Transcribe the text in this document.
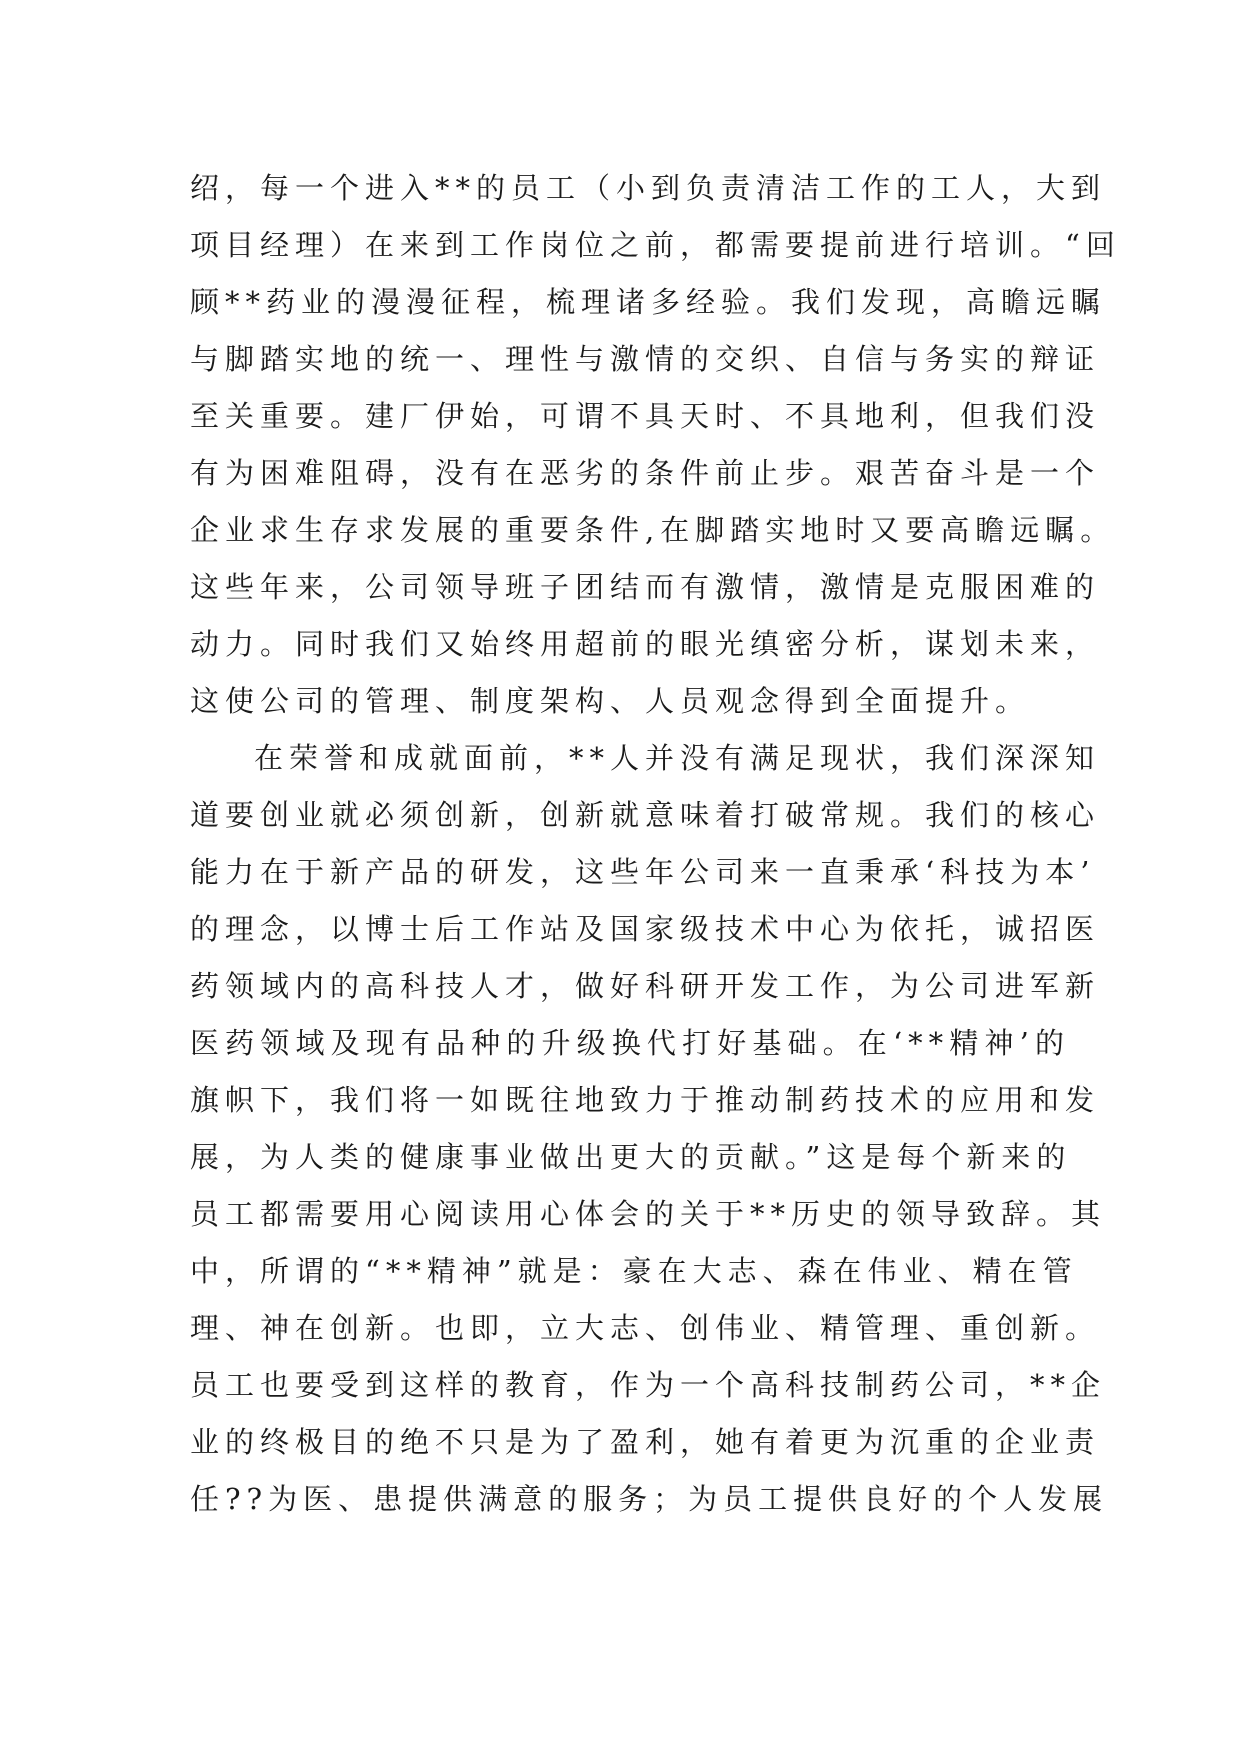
绍，每一个进入**的员工（小到负责清洁工作的工人，大到
项目经理）在来到工作岗位之前，都需要提前进行培训。“回
顾**药业的漫漫征程，梳理诸多经验。我们发现，高瞻远瞩
与脚踏实地的统一、理性与激情的交织、自信与务实的辩证
至关重要。建厂伊始，可谓不具天时、不具地利，但我们没
有为困难阻碍，没有在恶劣的条件前止步。艰苦奋斗是一个
企业求生存求发展的重要条件,在脚踏实地时又要高瞻远瞩。
这些年来，公司领导班子团结而有激情，激情是克服困难的
动力。同时我们又始终用超前的眼光缜密分析，谋划未来，
这使公司的管理、制度架构、人员观念得到全面提升。
在荣誉和成就面前，**人并没有满足现状，我们深深知
道要创业就必须创新，创新就意味着打破常规。我们的核心
能力在于新产品的研发，这些年公司来一直秉承‘科技为本’
的理念，以博士后工作站及国家级技术中心为依托，诚招医
药领域内的高科技人才，做好科研开发工作，为公司进军新
医药领域及现有品种的升级换代打好基础。在‘**精神’的
旗帜下，我们将一如既往地致力于推动制药技术的应用和发
展，为人类的健康事业做出更大的贡献。”这是每个新来的
员工都需要用心阅读用心体会的关于**历史的领导致辞。其
中，所谓的“**精神”就是：豪在大志、森在伟业、精在管
理、神在创新。也即，立大志、创伟业、精管理、重创新。
员工也要受到这样的教育，作为一个高科技制药公司，**企
业的终极目的绝不只是为了盈利，她有着更为沉重的企业责
任??为医、患提供满意的服务；为员工提供良好的个人发展
